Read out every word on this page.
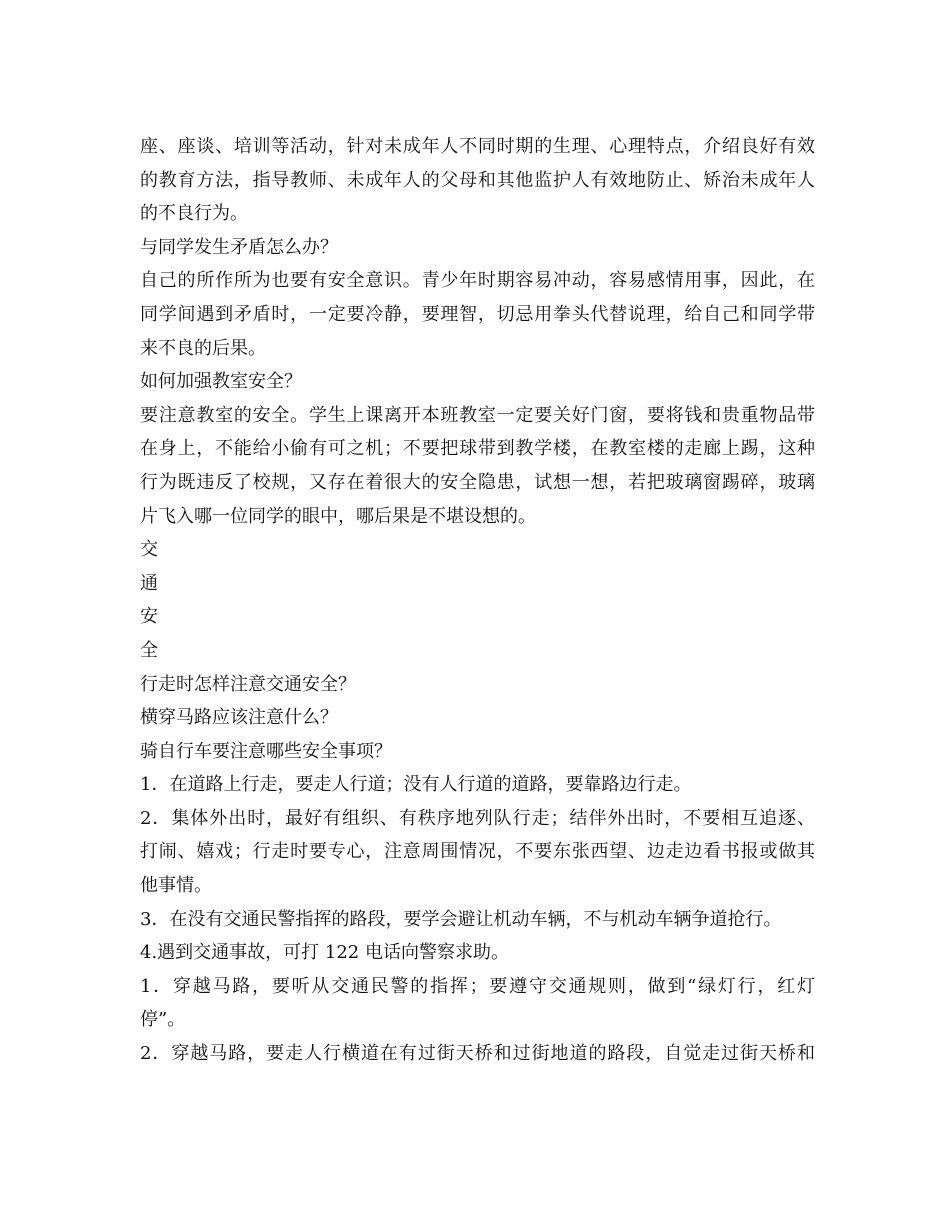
座、座谈、培训等活动，针对未成年人不同时期的生理、心理特点，介绍良好有效
的教育方法，指导教师、未成年人的父母和其他监护人有效地防止、矫治未成年人
的不良行为。
与同学发生矛盾怎么办？
自己的所作所为也要有安全意识。青少年时期容易冲动，容易感情用事，因此，在
同学间遇到矛盾时，一定要冷静，要理智，切忌用拳头代替说理，给自己和同学带
来不良的后果。
如何加强教室安全？
要注意教室的安全。学生上课离开本班教室一定要关好门窗，要将钱和贵重物品带
在身上，不能给小偷有可之机；不要把球带到教学楼，在教室楼的走廊上踢，这种
行为既违反了校规，又存在着很大的安全隐患，试想一想，若把玻璃窗踢碎，玻璃
片飞入哪一位同学的眼中，哪后果是不堪设想的。
交
通
安
全
行走时怎样注意交通安全？
横穿马路应该注意什么？
骑自行车要注意哪些安全事项？
1．在道路上行走，要走人行道；没有人行道的道路，要靠路边行走。
2．集体外出时，最好有组织、有秩序地列队行走；结伴外出时，不要相互追逐、
打闹、嬉戏；行走时要专心，注意周围情况，不要东张西望、边走边看书报或做其
他事情。
3．在没有交通民警指挥的路段，要学会避让机动车辆，不与机动车辆争道抢行。
4.遇到交通事故，可打 122 电话向警察求助。
1．穿越马路，要听从交通民警的指挥；要遵守交通规则，做到“绿灯行，红灯
停”。
2．穿越马路，要走人行横道在有过街天桥和过街地道的路段，自觉走过街天桥和
